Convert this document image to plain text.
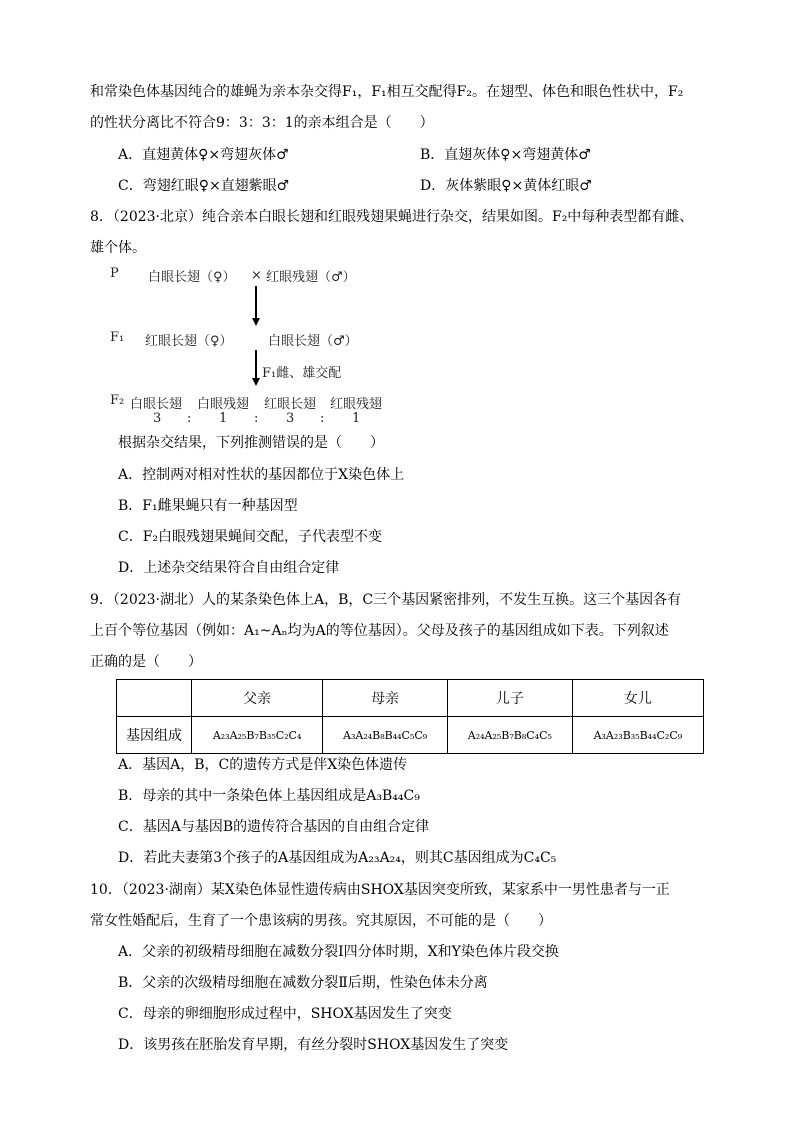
和常染色体基因纯合的雄蝇为亲本杂交得F₁，F₁相互交配得F₂。在翅型、体色和眼色性状中，F₂
的性状分离比不符合9：3：3：1的亲本组合是（　　）
A．直翅黄体♀×弯翅灰体♂	B．直翅灰体♀×弯翅黄体♂
C．弯翅红眼♀×直翅紫眼♂	D．灰体紫眼♀×黄体红眼♂
8．（2023·北京）纯合亲本白眼长翅和红眼残翅果蝇进行杂交，结果如图。F₂中每种表型都有雌、
雄个体。
P 白眼长翅（♀） × 红眼残翅（♂）
F₁ 红眼长翅（♀）	白眼长翅（♂）
F₁雌、雄交配
F₂ 白眼长翅 白眼残翅 红眼长翅 红眼残翅
3 : 1 : 3 : 1
根据杂交结果，下列推测错误的是（　　）
A．控制两对相对性状的基因都位于X染色体上
B．F₁雌果蝇只有一种基因型
C．F₂白眼残翅果蝇间交配，子代表型不变
D．上述杂交结果符合自由组合定律
9．（2023·湖北）人的某条染色体上A，B，C三个基因紧密排列，不发生互换。这三个基因各有
上百个等位基因（例如：A₁~Aₙ均为A的等位基因）。父母及孩子的基因组成如下表。下列叙述
正确的是（　　）
	父亲	母亲	儿子	女儿
基因组成	A₂₃A₂₅B₇B₃₅C₂C₄	A₃A₂₄B₈B₄₄C₅C₉	A₂₄A₂₅B₇B₈C₄C₅	A₃A₂₃B₃₅B₄₄C₂C₉
A．基因A，B，C的遗传方式是伴X染色体遗传
B．母亲的其中一条染色体上基因组成是A₃B₄₄C₉
C．基因A与基因B的遗传符合基因的自由组合定律
D．若此夫妻第3个孩子的A基因组成为A₂₃A₂₄，则其C基因组成为C₄C₅
10．（2023·湖南）某X染色体显性遗传病由SHOX基因突变所致，某家系中一男性患者与一正
常女性婚配后，生育了一个患该病的男孩。究其原因，不可能的是（　　）
A．父亲的初级精母细胞在减数分裂Ⅰ四分体时期，X和Y染色体片段交换
B．父亲的次级精母细胞在减数分裂Ⅱ后期，性染色体未分离
C．母亲的卵细胞形成过程中，SHOX基因发生了突变
D．该男孩在胚胎发育早期，有丝分裂时SHOX基因发生了突变
